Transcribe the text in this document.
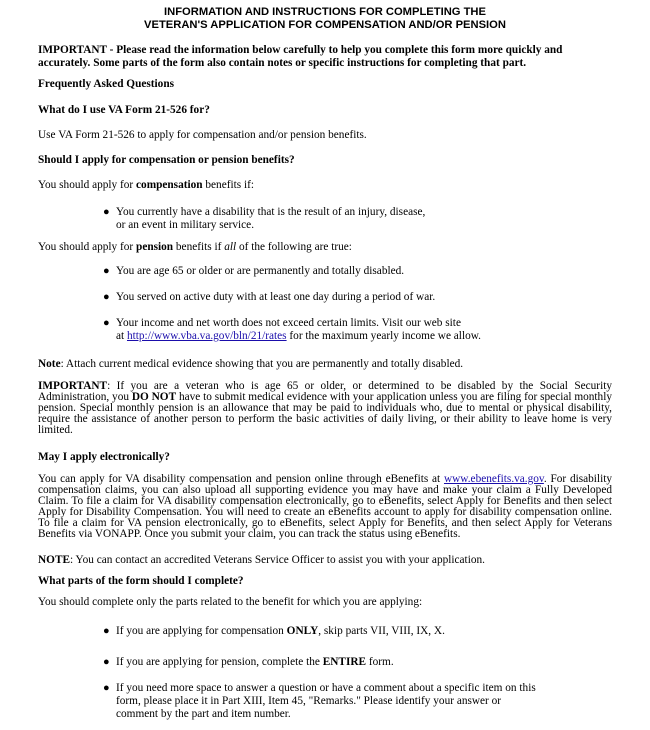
INFORMATION AND INSTRUCTIONS FOR COMPLETING THE
VETERAN'S APPLICATION FOR COMPENSATION AND/OR PENSION
IMPORTANT - Please read the information below carefully to help you complete this form more quickly and
accurately. Some parts of the form also contain notes or specific instructions for completing that part.
Frequently Asked Questions
What do I use VA Form 21-526 for?
Use VA Form 21-526 to apply for compensation and/or pension benefits.
Should I apply for compensation or pension benefits?
You should apply for compensation benefits if:
● You currently have a disability that is the result of an injury, disease,
or an event in military service.
You should apply for pension benefits if all of the following are true:
● You are age 65 or older or are permanently and totally disabled.
● You served on active duty with at least one day during a period of war.
● Your income and net worth does not exceed certain limits. Visit our web site
at http://www.vba.va.gov/bln/21/rates for the maximum yearly income we allow.
Note: Attach current medical evidence showing that you are permanently and totally disabled.
IMPORTANT: If you are a veteran who is age 65 or older, or determined to be disabled by the Social Security Administration, you DO NOT have to submit medical evidence with your application unless you are filing for special monthly pension. Special monthly pension is an allowance that may be paid to individuals who, due to mental or physical disability, require the assistance of another person to perform the basic activities of daily living, or their ability to leave home is very limited.
May I apply electronically?
You can apply for VA disability compensation and pension online through eBenefits at www.ebenefits.va.gov. For disability compensation claims, you can also upload all supporting evidence you may have and make your claim a Fully Developed Claim. To file a claim for VA disability compensation electronically, go to eBenefits, select Apply for Benefits and then select Apply for Disability Compensation. You will need to create an eBenefits account to apply for disability compensation online. To file a claim for VA pension electronically, go to eBenefits, select Apply for Benefits, and then select Apply for Veterans Benefits via VONAPP. Once you submit your claim, you can track the status using eBenefits.
NOTE: You can contact an accredited Veterans Service Officer to assist you with your application.
What parts of the form should I complete?
You should complete only the parts related to the benefit for which you are applying:
● If you are applying for compensation ONLY, skip parts VII, VIII, IX, X.
● If you are applying for pension, complete the ENTIRE form.
● If you need more space to answer a question or have a comment about a specific item on this
form, please place it in Part XIII, Item 45, "Remarks." Please identify your answer or
comment by the part and item number.
